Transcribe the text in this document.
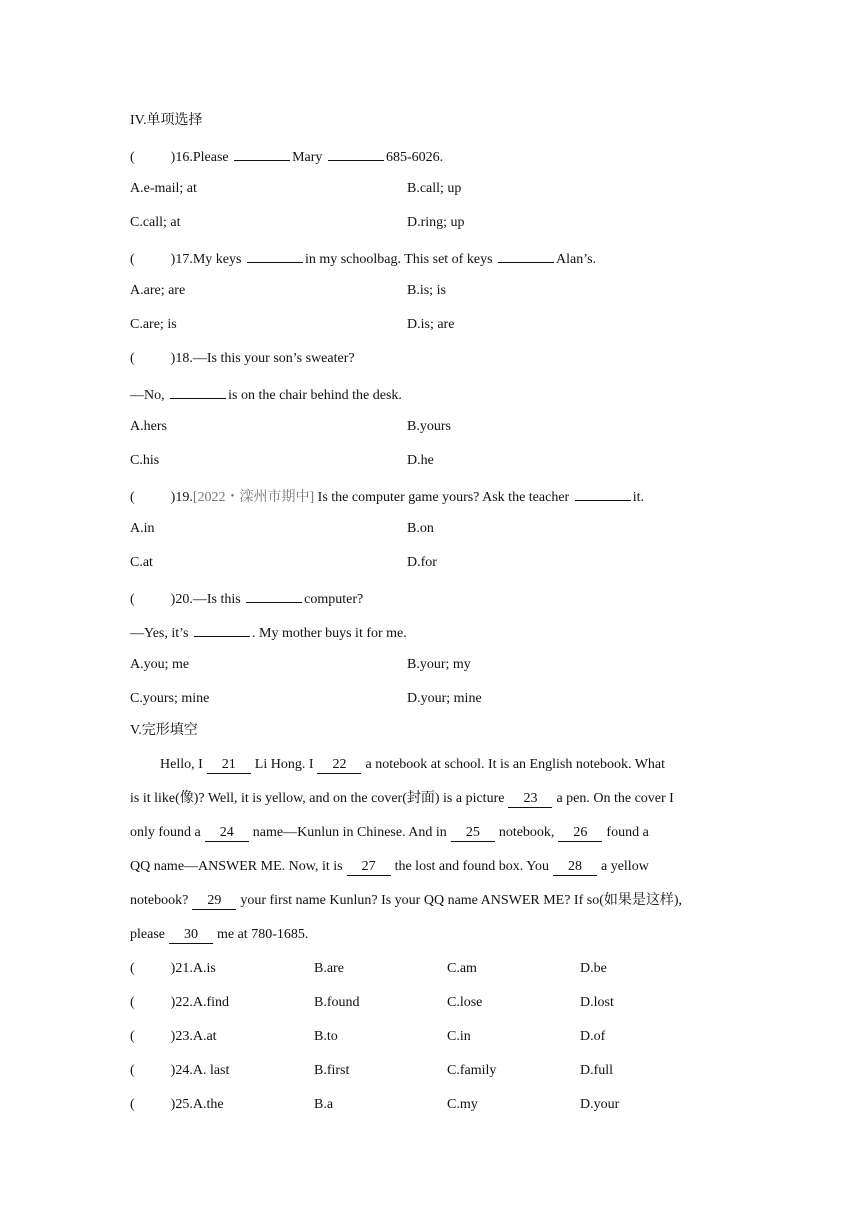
IV.单项选择
(	)16.Please	Mary	685-6026.
A.e-mail; at	B.call; up
C.call; at	D.ring; up
(	)17.My keys	in my schoolbag. This set of keys	Alan’s.
A.are; are	B.is; is
C.are; is	D.is; are
(	)18.—Is this your son’s sweater?
—No,	is on the chair behind the desk.
A.hers	B.yours
C.his	D.he
(	)19.[2022・滦州市期中] Is the computer game yours? Ask the teacher	it.
A.in	B.on
C.at	D.for
(	)20.—Is this	computer?
—Yes, it’s	. My mother buys it for me.
A.you; me	B.your; my
C.yours; mine	D.your; mine
V.完形填空
Hello, I 21 Li Hong. I 22 a notebook at school. It is an English notebook. What
is it like(像)? Well, it is yellow, and on the cover(封面) is a picture 23 a pen. On the cover I
only found a 24 name—Kunlun in Chinese. And in 25 notebook, 26 found a
QQ name—ANSWER ME. Now, it is 27 the lost and found box. You 28 a yellow
notebook? 29 your first name Kunlun? Is your QQ name ANSWER ME? If so(如果是这样),
please 30 me at 780-1685.
(	)21.A.is	B.are	C.am	D.be
(	)22.A.find	B.found	C.lose	D.lost
(	)23.A.at	B.to	C.in	D.of
(	)24.A. last	B.first	C.family	D.full
(	)25.A.the	B.a	C.my	D.your
